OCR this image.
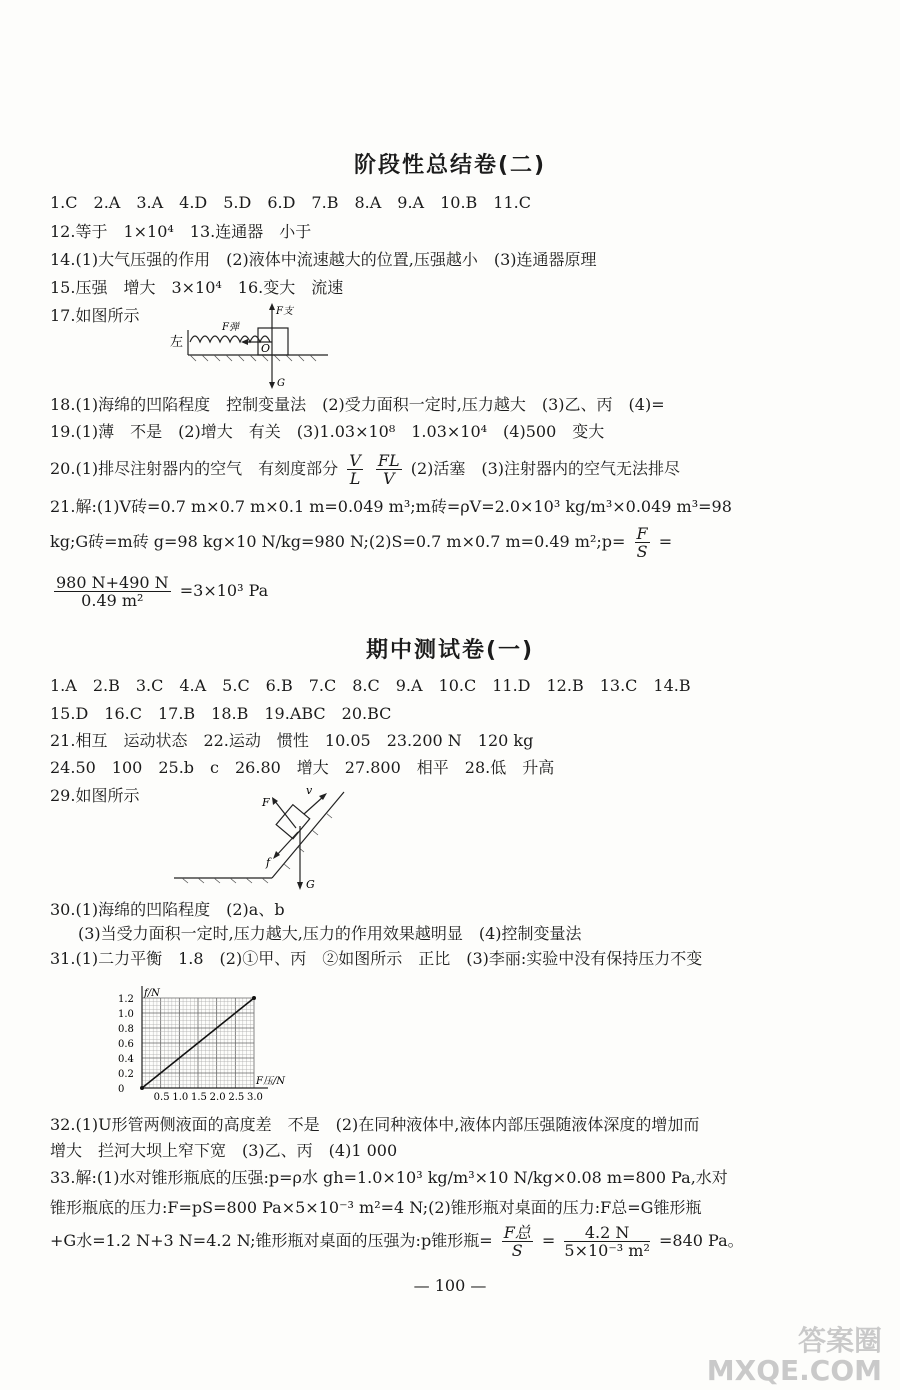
阶段性总结卷(二)
1.C　2.A　3.A　4.D　5.D　6.D　7.B　8.A　9.A　10.B　11.C
12.等于　1×10⁴　13.连通器　小于
14.(1)大气压强的作用　(2)液体中流速越大的位置,压强越小　(3)连通器原理
15.压强　增大　3×10⁴　16.变大　流速
17.如图所示
左
F弹
F支
O
G
18.(1)海绵的凹陷程度　控制变量法　(2)受力面积一定时,压力越大　(3)乙、丙　(4)=
19.(1)薄　不是　(2)增大　有关　(3)1.03×10⁸　1.03×10⁴　(4)500　变大
20.(1)排尽注射器内的空气　有刻度部分 $\frac{V}{L}$
$\frac{FL}{V} (2)$活塞　(3)注射器内的空气无法排尽
21.解:(1)V砖=0.7 m×0.7 m×0.1 m=0.049 m³;m砖=ρV=2.0×10³ kg/m³×0.049 m³=98
kg;G砖=m砖 g=98 kg×10 N/kg=980 N;(2)S=0.7 m×0.7 m=0.49 m²;p= $\frac{F}{S}$ =
$\frac{980 N+490 N}{\text{0.49 m²}} =3\times 10^3$ Pa
期中测试卷(一)
1.A　2.B　3.C　4.A　5.C　6.B　7.C　8.C　9.A　10.C　11.D　12.B　13.C　14.B
15.D　16.C　17.B　18.B　19.ABC　20.BC
21.相互　运动状态　22.运动　惯性　10.05　23.200 N　120 kg
24.50　100　25.b　c　26.80　增大　27.800　相平　28.低　升高
29.如图所示	F
v
f
G
30.(1)海绵的凹陷程度　(2)a、b
(3)当受力面积一定时,压力越大,压力的作用效果越明显　(4)控制变量法
31.(1)二力平衡　1.8　(2)①甲、丙　②如图所示　正比　(3)李丽:实验中没有保持压力不变
0.5 1.0 1.5 2.0 2.5 3.0
0
0.2
0.4
0.6
0.8
1.0
1.2
f/N
F压/N
32.(1)U形管两侧液面的高度差　不是　(2)在同种液体中,液体内部压强随液体深度的增加而
增大　拦河大坝上窄下宽　(3)乙、丙　(4)1 000
33.解:(1)水对锥形瓶底的压强:p=ρ水 gh=1.0×10³ kg/m³×10 N/kg×0.08 m=800 Pa,水对
锥形瓶底的压力:F=pS=800 Pa×5×10⁻³ m²=4 N;(2)锥形瓶对桌面的压力:F总=G锥形瓶
+G水=1.2 N+3 N=4.2 N;锥形瓶对桌面的压强为:p锥形瓶= $\frac{\text{F总}}{S} = \frac{4.2 N}{\text{5×10⁻³ m²}} =840$ Pa。
— 100 —
答案圈
MXQE.COM
